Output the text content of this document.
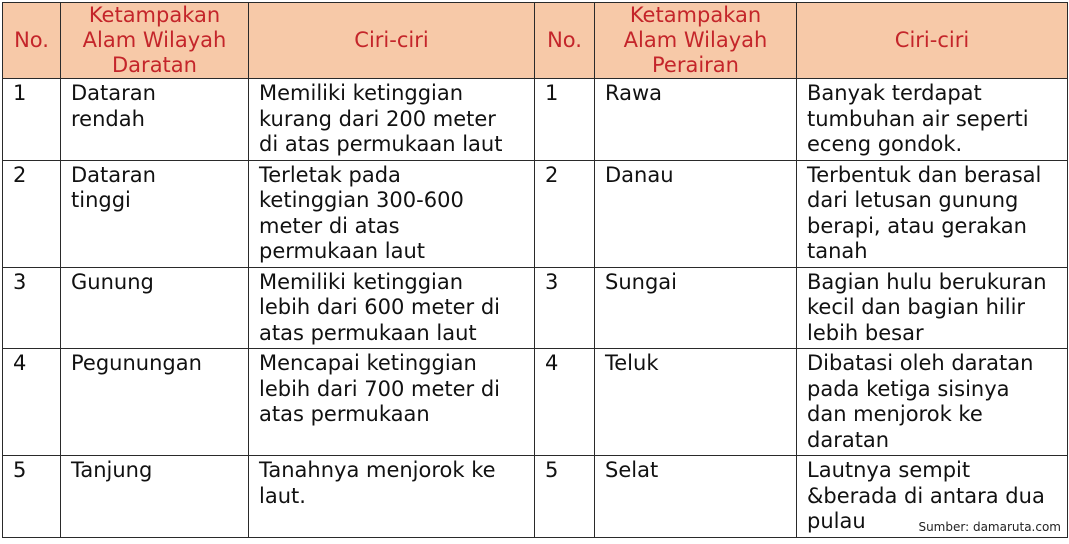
No.	Ketampakan
Alam Wilayah
Daratan	Ciri-ciri	No.	Ketampakan
Alam Wilayah
Perairan	Ciri-ciri
1	Dataran
rendah	Memiliki ketinggian
kurang dari 200 meter
di atas permukaan laut	1	Rawa	Banyak terdapat
tumbuhan air seperti
eceng gondok.
2	Dataran
tinggi	Terletak pada
ketinggian 300-600
meter di atas
permukaan laut	2	Danau	Terbentuk dan berasal
dari letusan gunung
berapi, atau gerakan
tanah
3	Gunung	Memiliki ketinggian
lebih dari 600 meter di
atas permukaan laut	3	Sungai	Bagian hulu berukuran
kecil dan bagian hilir
lebih besar
4	Pegunungan	Mencapai ketinggian
lebih dari 700 meter di
atas permukaan	4	Teluk	Dibatasi oleh daratan
pada ketiga sisinya
dan menjorok ke
daratan
5	Tanjung	Tanahnya menjorok ke
laut.	5	Selat	Lautnya sempit
&berada di antara dua
pulau	Sumber: damaruta.com
